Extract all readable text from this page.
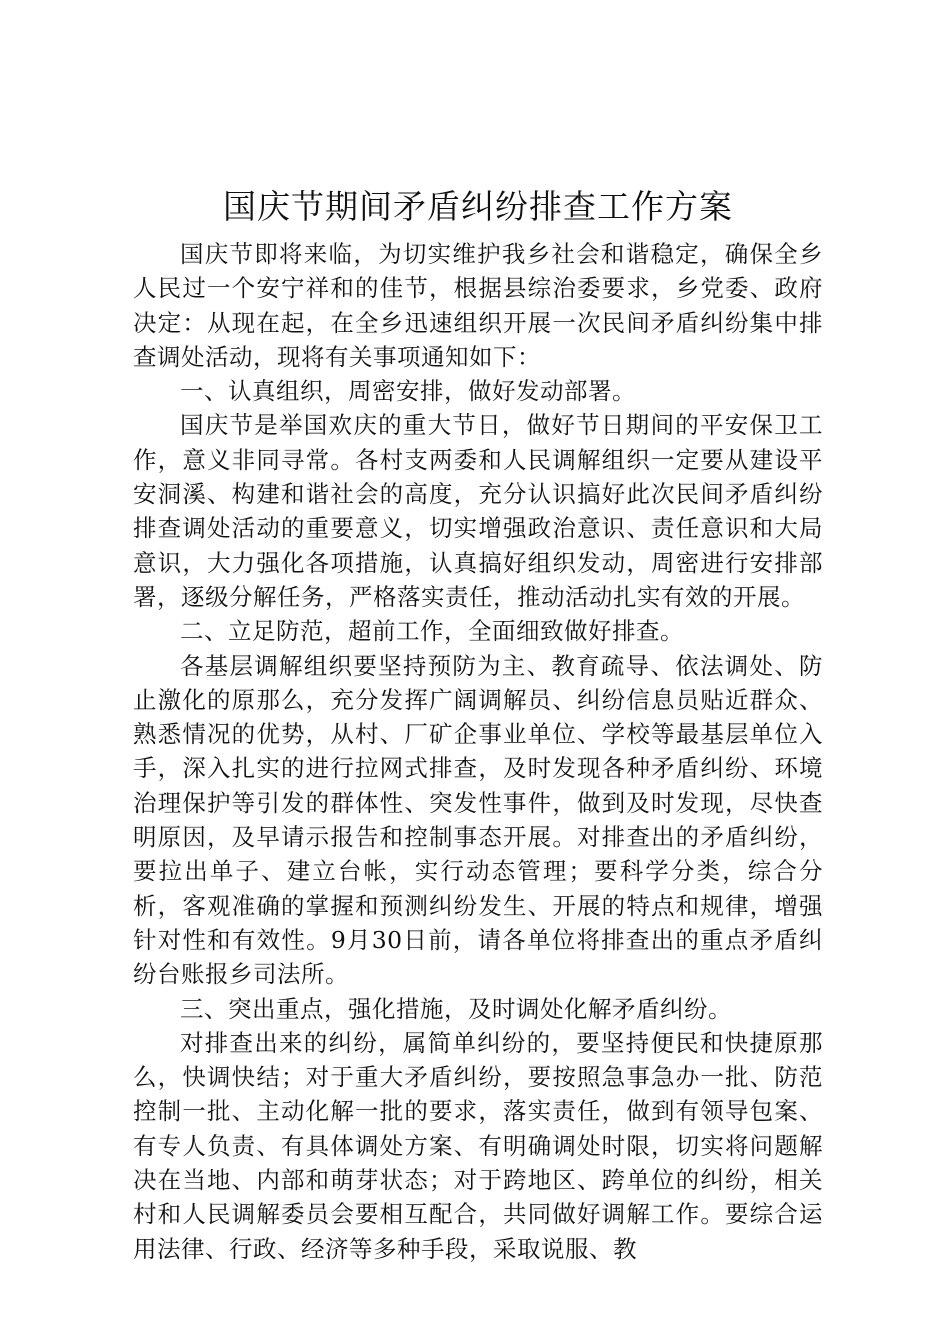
国庆节期间矛盾纠纷排查工作方案

国庆节即将来临，为切实维护我乡社会和谐稳定，确保全乡人民过一个安宁祥和的佳节，根据县综治委要求，乡党委、政府决定：从现在起，在全乡迅速组织开展一次民间矛盾纠纷集中排查调处活动，现将有关事项通知如下：

一、认真组织，周密安排，做好发动部署。

国庆节是举国欢庆的重大节日，做好节日期间的平安保卫工作，意义非同寻常。各村支两委和人民调解组织一定要从建设平安洞溪、构建和谐社会的高度，充分认识搞好此次民间矛盾纠纷排查调处活动的重要意义，切实增强政治意识、责任意识和大局意识，大力强化各项措施，认真搞好组织发动，周密进行安排部署，逐级分解任务，严格落实责任，推动活动扎实有效的开展。

二、立足防范，超前工作，全面细致做好排查。

各基层调解组织要坚持预防为主、教育疏导、依法调处、防止激化的原那么，充分发挥广阔调解员、纠纷信息员贴近群众、熟悉情况的优势，从村、厂矿企事业单位、学校等最基层单位入手，深入扎实的进行拉网式排查，及时发现各种矛盾纠纷、环境治理保护等引发的群体性、突发性事件，做到及时发现，尽快查明原因，及早请示报告和控制事态开展。对排查出的矛盾纠纷，要拉出单子、建立台帐，实行动态管理；要科学分类，综合分析，客观准确的掌握和预测纠纷发生、开展的特点和规律，增强针对性和有效性。9月30日前，请各单位将排查出的重点矛盾纠纷台账报乡司法所。

三、突出重点，强化措施，及时调处化解矛盾纠纷。

对排查出来的纠纷，属简单纠纷的，要坚持便民和快捷原那么，快调快结；对于重大矛盾纠纷，要按照急事急办一批、防范控制一批、主动化解一批的要求，落实责任，做到有领导包案、有专人负责、有具体调处方案、有明确调处时限，切实将问题解决在当地、内部和萌芽状态；对于跨地区、跨单位的纠纷，相关村和人民调解委员会要相互配合，共同做好调解工作。要综合运用法律、行政、经济等多种手段，采取说服、教
